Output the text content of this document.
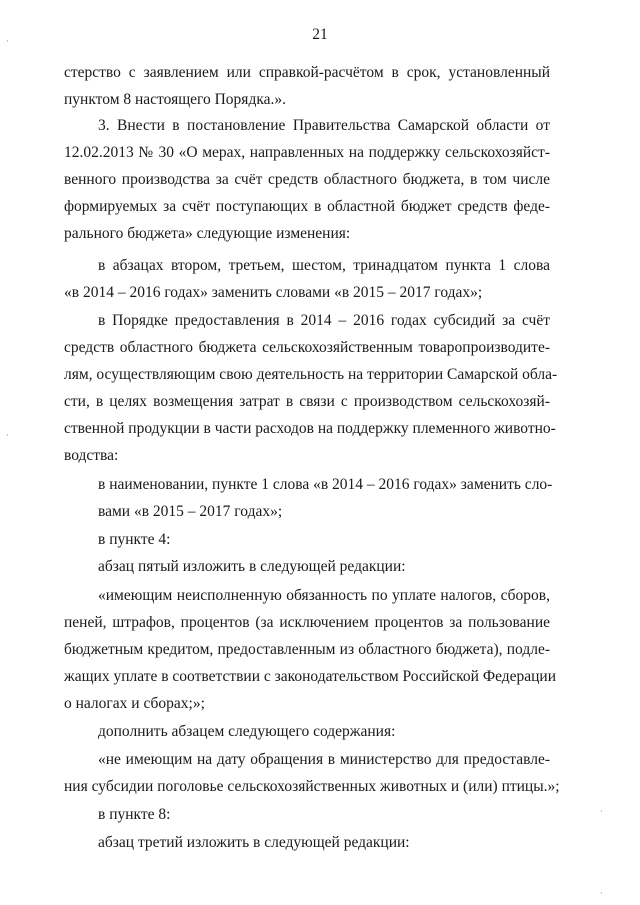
21
·
·
·
·

стерство с заявлением или справкой-расчётом в срок, установленный

пунктом 8 настоящего Порядка.».

3. Внести в постановление Правительства Самарской области от

12.02.2013 № 30 «О мерах, направленных на поддержку сельскохозяйст-

венного производства за счёт средств областного бюджета, в том числе

формируемых за счёт поступающих в областной бюджет средств феде-

рального бюджета» следующие изменения:

в абзацах втором, третьем, шестом, тринадцатом пункта 1 слова

«в 2014 – 2016 годах» заменить словами «в 2015 – 2017 годах»;

в Порядке предоставления в 2014 – 2016 годах субсидий за счёт

средств областного бюджета сельскохозяйственным товаропроизводите-

лям, осуществляющим свою деятельность на территории Самарской обла-

сти, в целях возмещения затрат в связи с производством сельскохозяй-

ственной продукции в части расходов на поддержку племенного животно-

водства:

в наименовании, пункте 1 слова «в 2014 – 2016 годах» заменить сло-

вами «в 2015 – 2017 годах»;

в пункте 4:

абзац пятый изложить в следующей редакции:

«имеющим неисполненную обязанность по уплате налогов, сборов,

пеней, штрафов, процентов (за исключением процентов за пользование

бюджетным кредитом, предоставленным из областного бюджета), подле-

жащих уплате в соответствии с законодательством Российской Федерации

о налогах и сборах;»;

дополнить абзацем следующего содержания:

«не имеющим на дату обращения в министерство для предоставле-

ния субсидии поголовье сельскохозяйственных животных и (или) птицы.»;

в пункте 8:

абзац третий изложить в следующей редакции:
